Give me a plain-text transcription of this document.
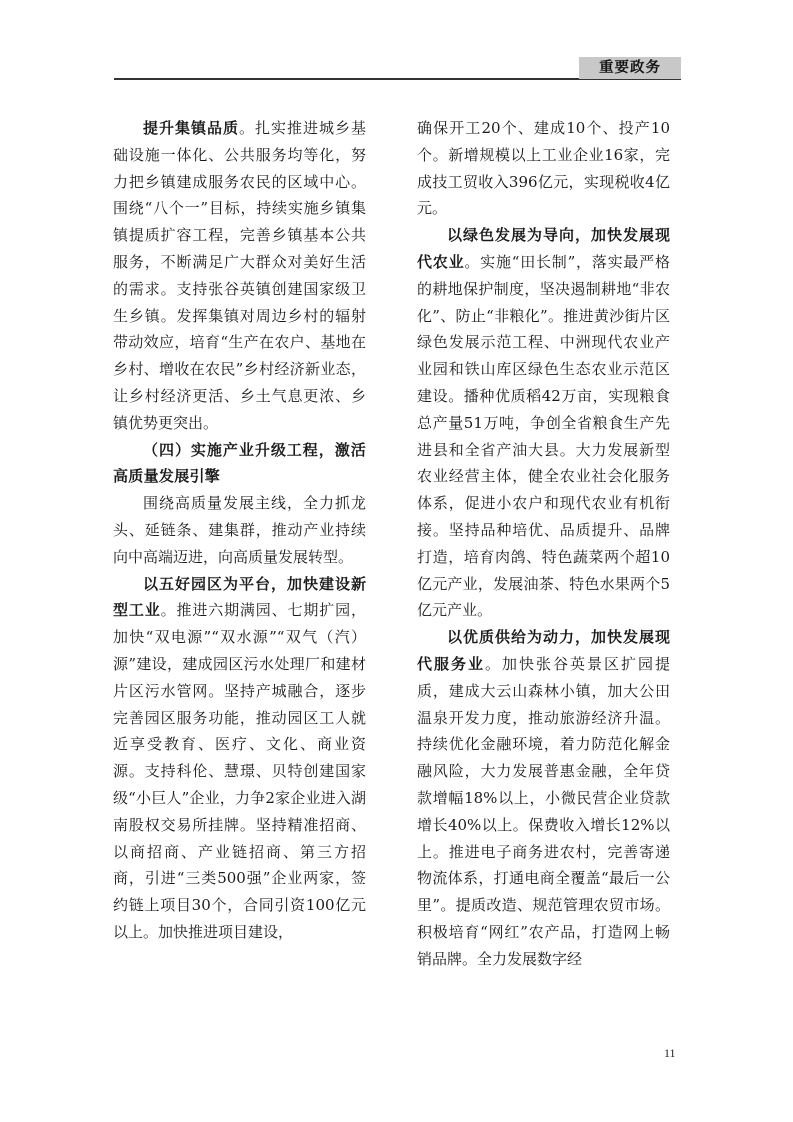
重要政务

提升集镇品质。扎实推进城乡基础设施一体化、公共服务均等化，努力把乡镇建成服务农民的区域中心。围绕“八个一”目标，持续实施乡镇集镇提质扩容工程，完善乡镇基本公共服务，不断满足广大群众对美好生活的需求。支持张谷英镇创建国家级卫生乡镇。发挥集镇对周边乡村的辐射带动效应，培育“生产在农户、基地在乡村、增收在农民”乡村经济新业态，让乡村经济更活、乡土气息更浓、乡镇优势更突出。

（四）实施产业升级工程，激活高质量发展引擎

围绕高质量发展主线，全力抓龙头、延链条、建集群，推动产业持续向中高端迈进，向高质量发展转型。

以五好园区为平台，加快建设新型工业。推进六期满园、七期扩园，加快“双电源”“双水源”“双气（汽）源”建设，建成园区污水处理厂和建材片区污水管网。坚持产城融合，逐步完善园区服务功能，推动园区工人就近享受教育、医疗、文化、商业资源。支持科伦、慧璟、贝特创建国家级“小巨人”企业，力争2家企业进入湖南股权交易所挂牌。坚持精准招商、以商招商、产业链招商、第三方招商，引进“三类500强”企业两家，签约链上项目30个，合同引资100亿元以上。加快推进项目建设，

确保开工20个、建成10个、投产10个。新增规模以上工业企业16家，完成技工贸收入396亿元，实现税收4亿元。

以绿色发展为导向，加快发展现代农业。实施“田长制”，落实最严格的耕地保护制度，坚决遏制耕地“非农化”、防止“非粮化”。推进黄沙街片区绿色发展示范工程、中洲现代农业产业园和铁山库区绿色生态农业示范区建设。播种优质稻42万亩，实现粮食总产量51万吨，争创全省粮食生产先进县和全省产油大县。大力发展新型农业经营主体，健全农业社会化服务体系，促进小农户和现代农业有机衔接。坚持品种培优、品质提升、品牌打造，培育肉鸽、特色蔬菜两个超10亿元产业，发展油茶、特色水果两个5亿元产业。

以优质供给为动力，加快发展现代服务业。加快张谷英景区扩园提质，建成大云山森林小镇，加大公田温泉开发力度，推动旅游经济升温。持续优化金融环境，着力防范化解金融风险，大力发展普惠金融，全年贷款增幅18%以上，小微民营企业贷款增长40%以上。保费收入增长12%以上。推进电子商务进农村，完善寄递物流体系，打通电商全覆盖“最后一公里”。提质改造、规范管理农贸市场。积极培育“网红”农产品，打造网上畅销品牌。全力发展数字经

11
